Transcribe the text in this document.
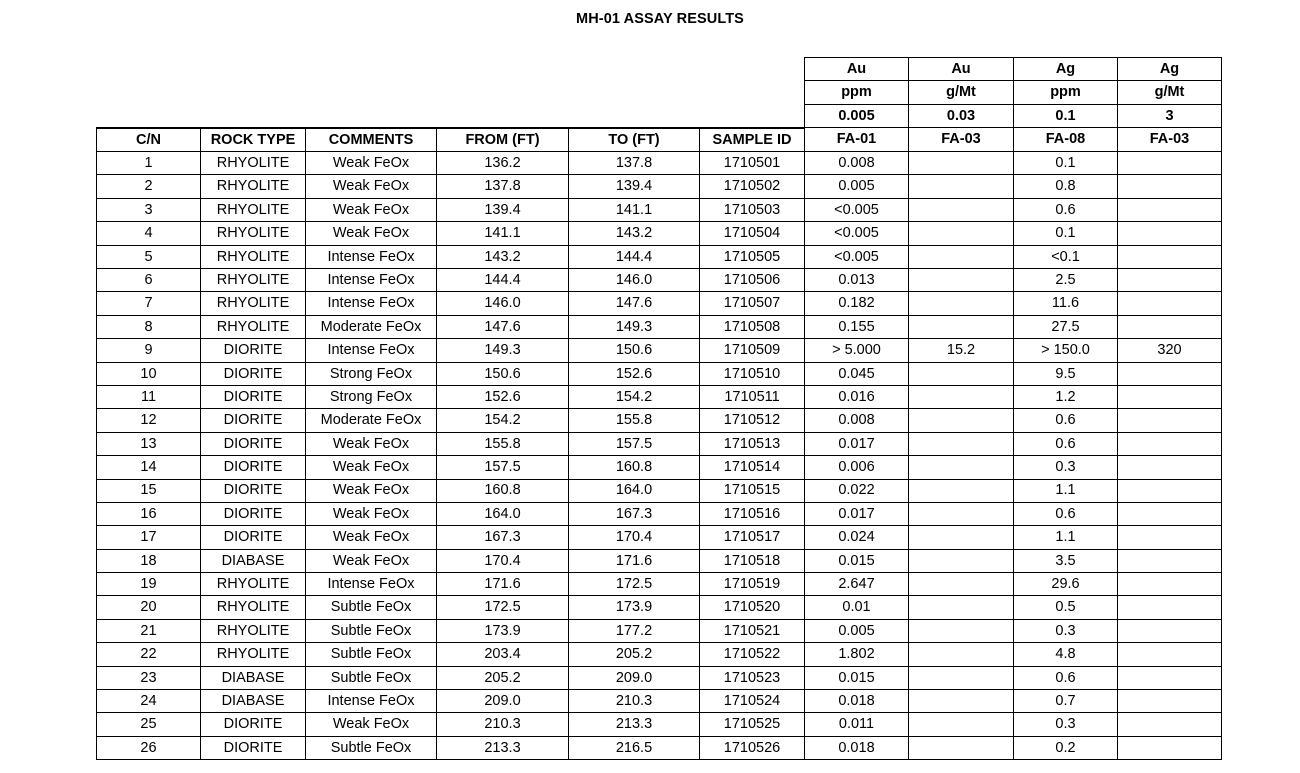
MH-01 ASSAY RESULTS
						Au	Au	Ag	Ag
						ppm	g/Mt	ppm	g/Mt
						0.005	0.03	0.1	3
C/N	ROCK TYPE	COMMENTS	FROM (FT)	TO (FT)	SAMPLE ID	FA-01	FA-03	FA-08	FA-03
1	RHYOLITE	Weak FeOx	136.2	137.8	1710501	0.008		0.1	
2	RHYOLITE	Weak FeOx	137.8	139.4	1710502	0.005		0.8	
3	RHYOLITE	Weak FeOx	139.4	141.1	1710503	<0.005		0.6	
4	RHYOLITE	Weak FeOx	141.1	143.2	1710504	<0.005		0.1	
5	RHYOLITE	Intense FeOx	143.2	144.4	1710505	<0.005		<0.1	
6	RHYOLITE	Intense FeOx	144.4	146.0	1710506	0.013		2.5	
7	RHYOLITE	Intense FeOx	146.0	147.6	1710507	0.182		11.6	
8	RHYOLITE	Moderate FeOx	147.6	149.3	1710508	0.155		27.5	
9	DIORITE	Intense FeOx	149.3	150.6	1710509	> 5.000	15.2	> 150.0	320
10	DIORITE	Strong FeOx	150.6	152.6	1710510	0.045		9.5	
11	DIORITE	Strong FeOx	152.6	154.2	1710511	0.016		1.2	
12	DIORITE	Moderate FeOx	154.2	155.8	1710512	0.008		0.6	
13	DIORITE	Weak FeOx	155.8	157.5	1710513	0.017		0.6	
14	DIORITE	Weak FeOx	157.5	160.8	1710514	0.006		0.3	
15	DIORITE	Weak FeOx	160.8	164.0	1710515	0.022		1.1	
16	DIORITE	Weak FeOx	164.0	167.3	1710516	0.017		0.6	
17	DIORITE	Weak FeOx	167.3	170.4	1710517	0.024		1.1	
18	DIABASE	Weak FeOx	170.4	171.6	1710518	0.015		3.5	
19	RHYOLITE	Intense FeOx	171.6	172.5	1710519	2.647		29.6	
20	RHYOLITE	Subtle FeOx	172.5	173.9	1710520	0.01		0.5	
21	RHYOLITE	Subtle FeOx	173.9	177.2	1710521	0.005		0.3	
22	RHYOLITE	Subtle FeOx	203.4	205.2	1710522	1.802		4.8	
23	DIABASE	Subtle FeOx	205.2	209.0	1710523	0.015		0.6	
24	DIABASE	Intense FeOx	209.0	210.3	1710524	0.018		0.7	
25	DIORITE	Weak FeOx	210.3	213.3	1710525	0.011		0.3	
26	DIORITE	Subtle FeOx	213.3	216.5	1710526	0.018		0.2	
